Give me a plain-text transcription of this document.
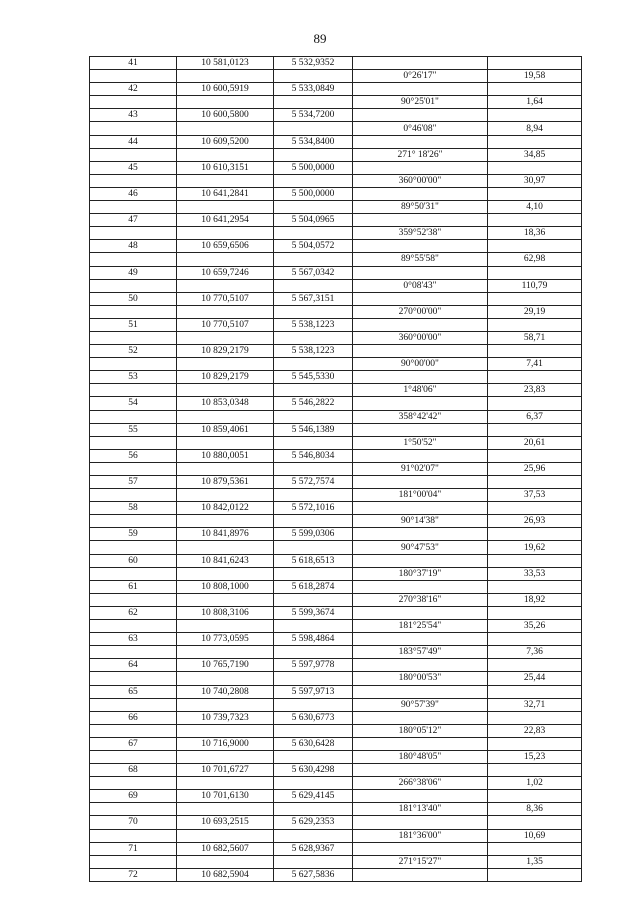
89
41	10 581,0123	5 532,9352		
			0°26'17"	19,58
42	10 600,5919	5 533,0849		
			90°25'01"	1,64
43	10 600,5800	5 534,7200		
			0°46'08"	8,94
44	10 609,5200	5 534,8400		
			271° 18'26"	34,85
45	10 610,3151	5 500,0000		
			360°00'00"	30,97
46	10 641,2841	5 500,0000		
			89°50'31"	4,10
47	10 641,2954	5 504,0965		
			359°52'38"	18,36
48	10 659,6506	5 504,0572		
			89°55'58"	62,98
49	10 659,7246	5 567,0342		
			0°08'43"	110,79
50	10 770,5107	5 567,3151		
			270°00'00"	29,19
51	10 770,5107	5 538,1223		
			360°00'00"	58,71
52	10 829,2179	5 538,1223		
			90°00'00"	7,41
53	10 829,2179	5 545,5330		
			1°48'06"	23,83
54	10 853,0348	5 546,2822		
			358°42'42"	6,37
55	10 859,4061	5 546,1389		
			1°50'52"	20,61
56	10 880,0051	5 546,8034		
			91°02'07"	25,96
57	10 879,5361	5 572,7574		
			181°00'04"	37,53
58	10 842,0122	5 572,1016		
			90°14'38"	26,93
59	10 841,8976	5 599,0306		
			90°47'53"	19,62
60	10 841,6243	5 618,6513		
			180°37'19"	33,53
61	10 808,1000	5 618,2874		
			270°38'16"	18,92
62	10 808,3106	5 599,3674		
			181°25'54"	35,26
63	10 773,0595	5 598,4864		
			183°57'49"	7,36
64	10 765,7190	5 597,9778		
			180°00'53"	25,44
65	10 740,2808	5 597,9713		
			90°57'39"	32,71
66	10 739,7323	5 630,6773		
			180°05'12"	22,83
67	10 716,9000	5 630,6428		
			180°48'05"	15,23
68	10 701,6727	5 630,4298		
			266°38'06"	1,02
69	10 701,6130	5 629,4145		
			181°13'40"	8,36
70	10 693,2515	5 629,2353		
			181°36'00"	10,69
71	10 682,5607	5 628,9367		
			271°15'27"	1,35
72	10 682,5904	5 627,5836		
